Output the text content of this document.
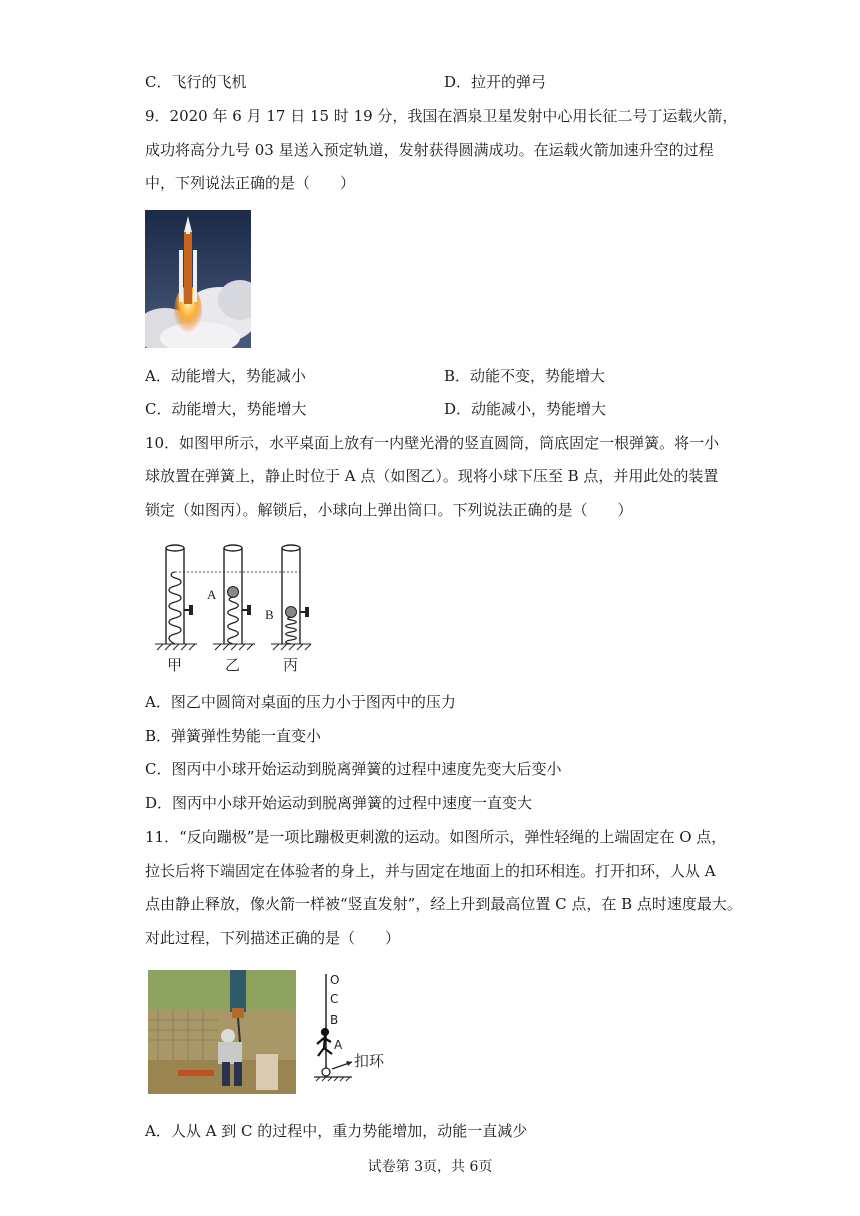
C．飞行的飞机	D．拉开的弹弓
9．2020 年 6 月 17 日 15 时 19 分，我国在酒泉卫星发射中心用长征二号丁运载火箭，
成功将高分九号 03 星送入预定轨道，发射获得圆满成功。在运载火箭加速升空的过程
中，下列说法正确的是（　　）
A．动能增大，势能减小	B．动能不变，势能增大
C．动能增大，势能增大	D．动能减小，势能增大
10．如图甲所示，水平桌面上放有一内壁光滑的竖直圆筒，筒底固定一根弹簧。将一小
球放置在弹簧上，静止时位于 A 点（如图乙）。现将小球下压至 B 点，并用此处的装置
锁定（如图丙）。解锁后，小球向上弹出筒口。下列说法正确的是（　　）
A
B
甲	乙	丙
A．图乙中圆筒对桌面的压力小于图丙中的压力
B．弹簧弹性势能一直变小
C．图丙中小球开始运动到脱离弹簧的过程中速度先变大后变小
D．图丙中小球开始运动到脱离弹簧的过程中速度一直变大
11．“反向蹦极”是一项比蹦极更刺激的运动。如图所示，弹性轻绳的上端固定在 O 点，
拉长后将下端固定在体验者的身上，并与固定在地面上的扣环相连。打开扣环，人从 A
点由静止释放，像火箭一样被“竖直发射”，经上升到最高位置 C 点，在 B 点时速度最大。
对此过程，下列描述正确的是（　　）
O
C
B
A
扣环
A．人从 A 到 C 的过程中，重力势能增加，动能一直减少
试卷第 3页，共 6页
